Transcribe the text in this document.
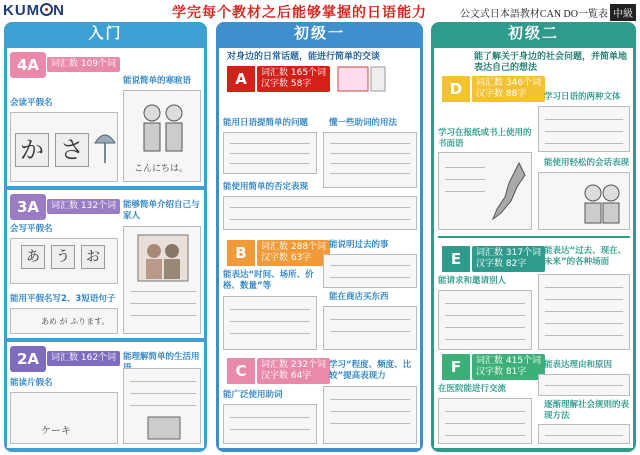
KUM N	学完每个教材之后能够掌握的日语能力	公文式日本語教材CAN DO一覧表 中級
入门
4A	词汇数 109个词
能说简单的寒暄语
会读平假名
か さ
こんにちは。
3A	词汇数 132个词 能够简单介绍自己与家人
会写平假名
あ	う	お
能用平假名写2、3短语句子
あめ が ふります。
2A	词汇数 162个词 能理解简单的生活用
能读片假名
ケーキ
初级一
对身边的日常话题，能进行简单的交谈
A	词汇数 165个词
汉字数 58字
能用日语提简单的问题 懂一些助词的用法
能使用简单的否定表现
B	词汇数 288个词
汉字数 63字
能说明过去的事
能表达“时间、场所、价格、数量”等
能在商店买东西
C	词汇数 232个词
汉字数 64字
学习“程度、频度、比较”提高表现力
能广泛使用助词
初级二
能了解关于身边的社会问题，并简单地表达自己的想法
D	词汇数 346个词
汉字数 88字	学习日语的两种文体
学习在报纸或书上使用的书面语
能使用轻松的会话表现
E	词汇数 317个词
汉字数 82字
能表达“过去、现在、未来”的各种场面
能请求和邀请别人
F	词汇数 415个词
汉字数 81字
能表达理由和原因
在医院能进行交流
逐渐理解社会规则的表现方法
